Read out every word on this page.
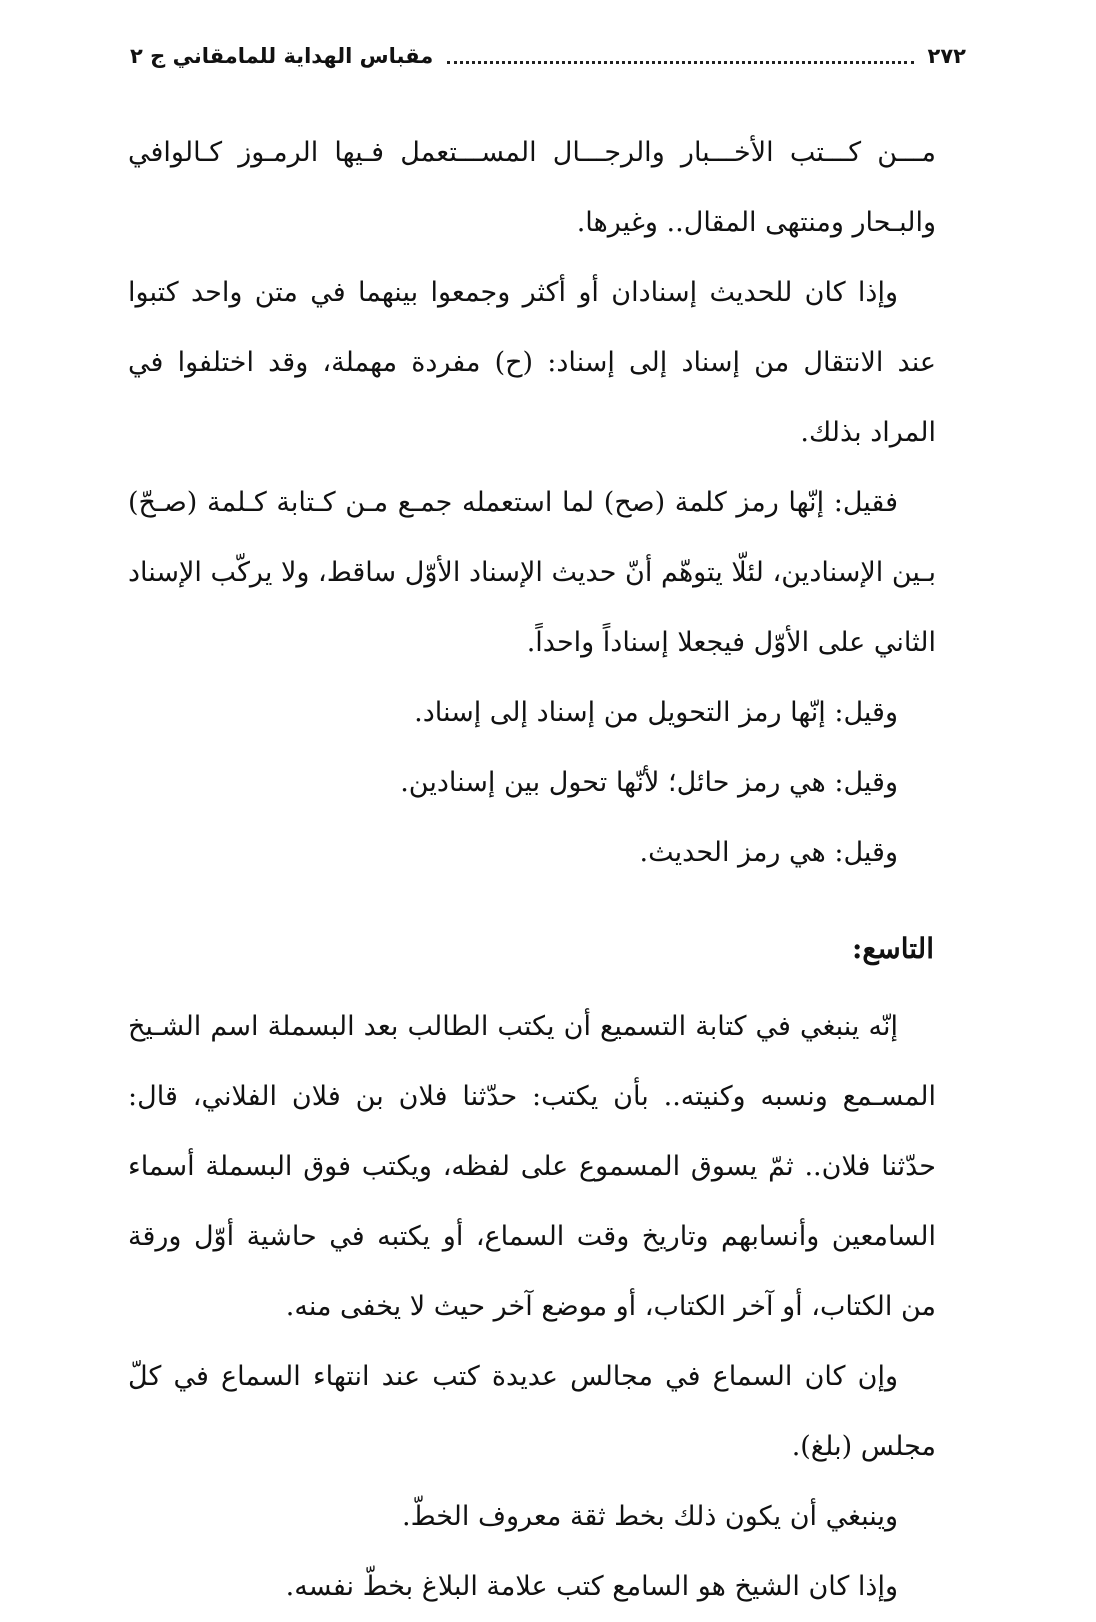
٢٧٢
مقباس الهداية للمامقاني ج ٢

مـــن كـــتب الأخـــبار والرجـــال المســـتعمل فـيها الرمـوز كـالوافي والبـحار ومنتهى المقال.. وغيرها.

وإذا كان للحديث إسنادان أو أكثر وجمعوا بينهما في متن واحد كتبوا عند الانتقال من إسناد إلى إسناد: (ح) مفردة مهملة، وقد اختلفوا في المراد بذلك.

فقيل: إنّها رمز كلمة (صح) لما استعمله جمـع مـن كـتابة كـلمة (صـحّ) بـين الإسنادين، لئلّا يتوهّم أنّ حديث الإسناد الأوّل ساقط، ولا يركّب الإسناد الثاني على الأوّل فيجعلا إسناداً واحداً.

وقيل: إنّها رمز التحويل من إسناد إلى إسناد.

وقيل: هي رمز حائل؛ لأنّها تحول بين إسنادين.

وقيل: هي رمز الحديث.

التاسع:

إنّه ينبغي في كتابة التسميع أن يكتب الطالب بعد البسملة اسم الشـيخ المسـمع ونسبه وكنيته.. بأن يكتب: حدّثنا فلان بن فلان الفلاني، قال: حدّثنا فلان.. ثمّ يسوق المسموع على لفظه، ويكتب فوق البسملة أسماء السامعين وأنسابهم وتاريخ وقت السماع، أو يكتبه في حاشية أوّل ورقة من الكتاب، أو آخر الكتاب، أو موضع آخر حيث لا يخفى منه.

وإن كان السماع في مجالس عديدة كتب عند انتهاء السماع في كلّ مجلس (بلغ).

وينبغي أن يكون ذلك بخط ثقة معروف الخطّ.

وإذا كان الشيخ هو السامع كتب علامة البلاغ بخطّ نفسه.
